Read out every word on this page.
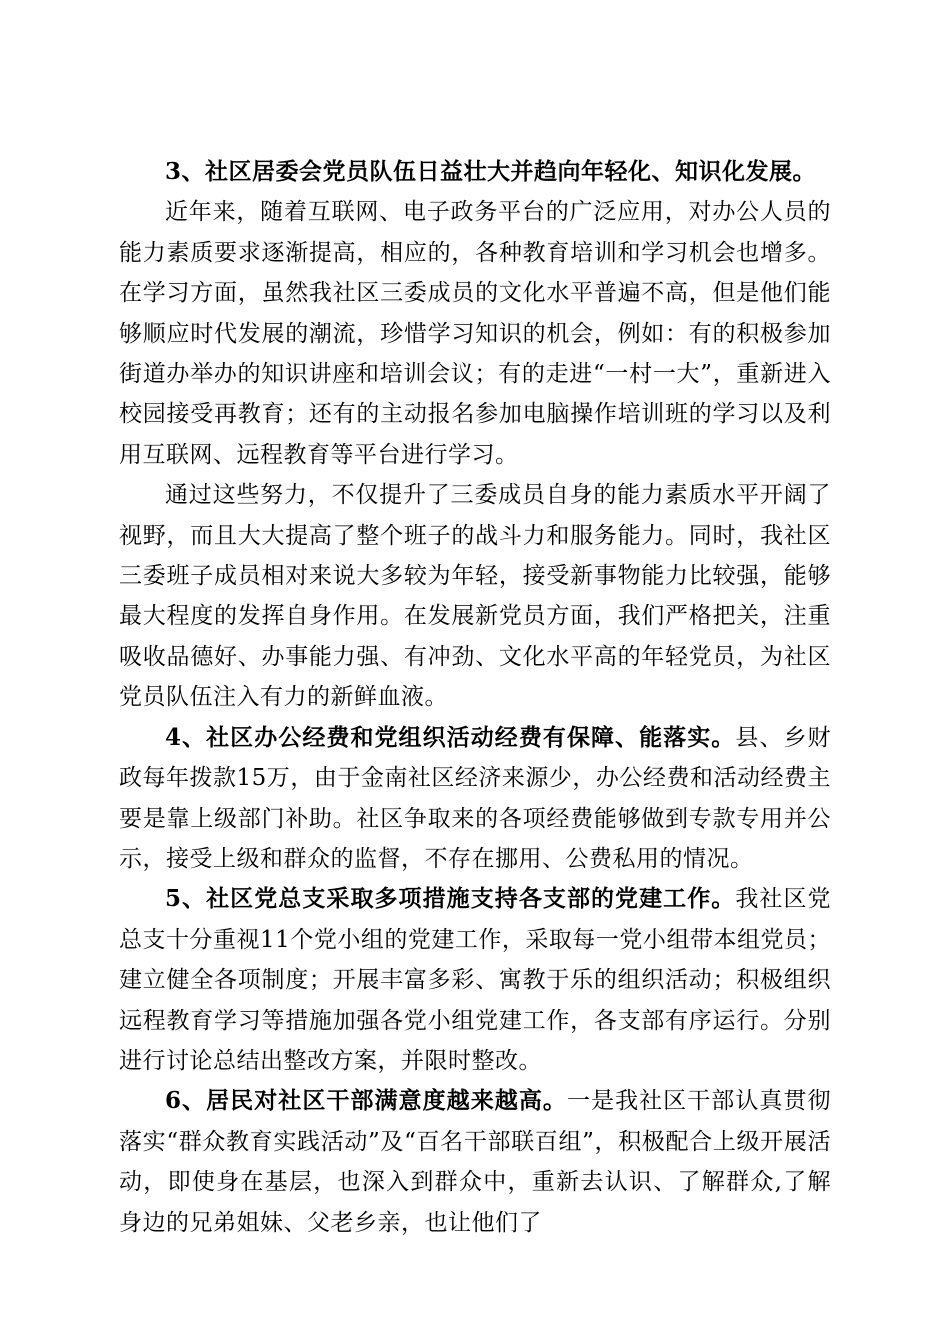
3、社区居委会党员队伍日益壮大并趋向年轻化、知识化发展。

近年来，随着互联网、电子政务平台的广泛应用，对办公人员的能力素质要求逐渐提高，相应的，各种教育培训和学习机会也增多。在学习方面，虽然我社区三委成员的文化水平普遍不高，但是他们能够顺应时代发展的潮流，珍惜学习知识的机会，例如：有的积极参加街道办举办的知识讲座和培训会议；有的走进“一村一大”，重新进入校园接受再教育；还有的主动报名参加电脑操作培训班的学习以及利用互联网、远程教育等平台进行学习。

通过这些努力，不仅提升了三委成员自身的能力素质水平开阔了视野，而且大大提高了整个班子的战斗力和服务能力。同时，我社区三委班子成员相对来说大多较为年轻，接受新事物能力比较强，能够最大程度的发挥自身作用。在发展新党员方面，我们严格把关，注重吸收品德好、办事能力强、有冲劲、文化水平高的年轻党员，为社区党员队伍注入有力的新鲜血液。

4、社区办公经费和党组织活动经费有保障、能落实。县、乡财政每年拨款15万，由于金南社区经济来源少，办公经费和活动经费主要是靠上级部门补助。社区争取来的各项经费能够做到专款专用并公示，接受上级和群众的监督，不存在挪用、公费私用的情况。

5、社区党总支采取多项措施支持各支部的党建工作。我社区党总支十分重视11个党小组的党建工作，采取每一党小组带本组党员；建立健全各项制度；开展丰富多彩、寓教于乐的组织活动；积极组织远程教育学习等措施加强各党小组党建工作，各支部有序运行。分别进行讨论总结出整改方案，并限时整改。

6、居民对社区干部满意度越来越高。一是我社区干部认真贯彻落实“群众教育实践活动”及“百名干部联百组”，积极配合上级开展活动，即使身在基层，也深入到群众中，重新去认识、了解群众,了解身边的兄弟姐妹、父老乡亲，也让他们了
